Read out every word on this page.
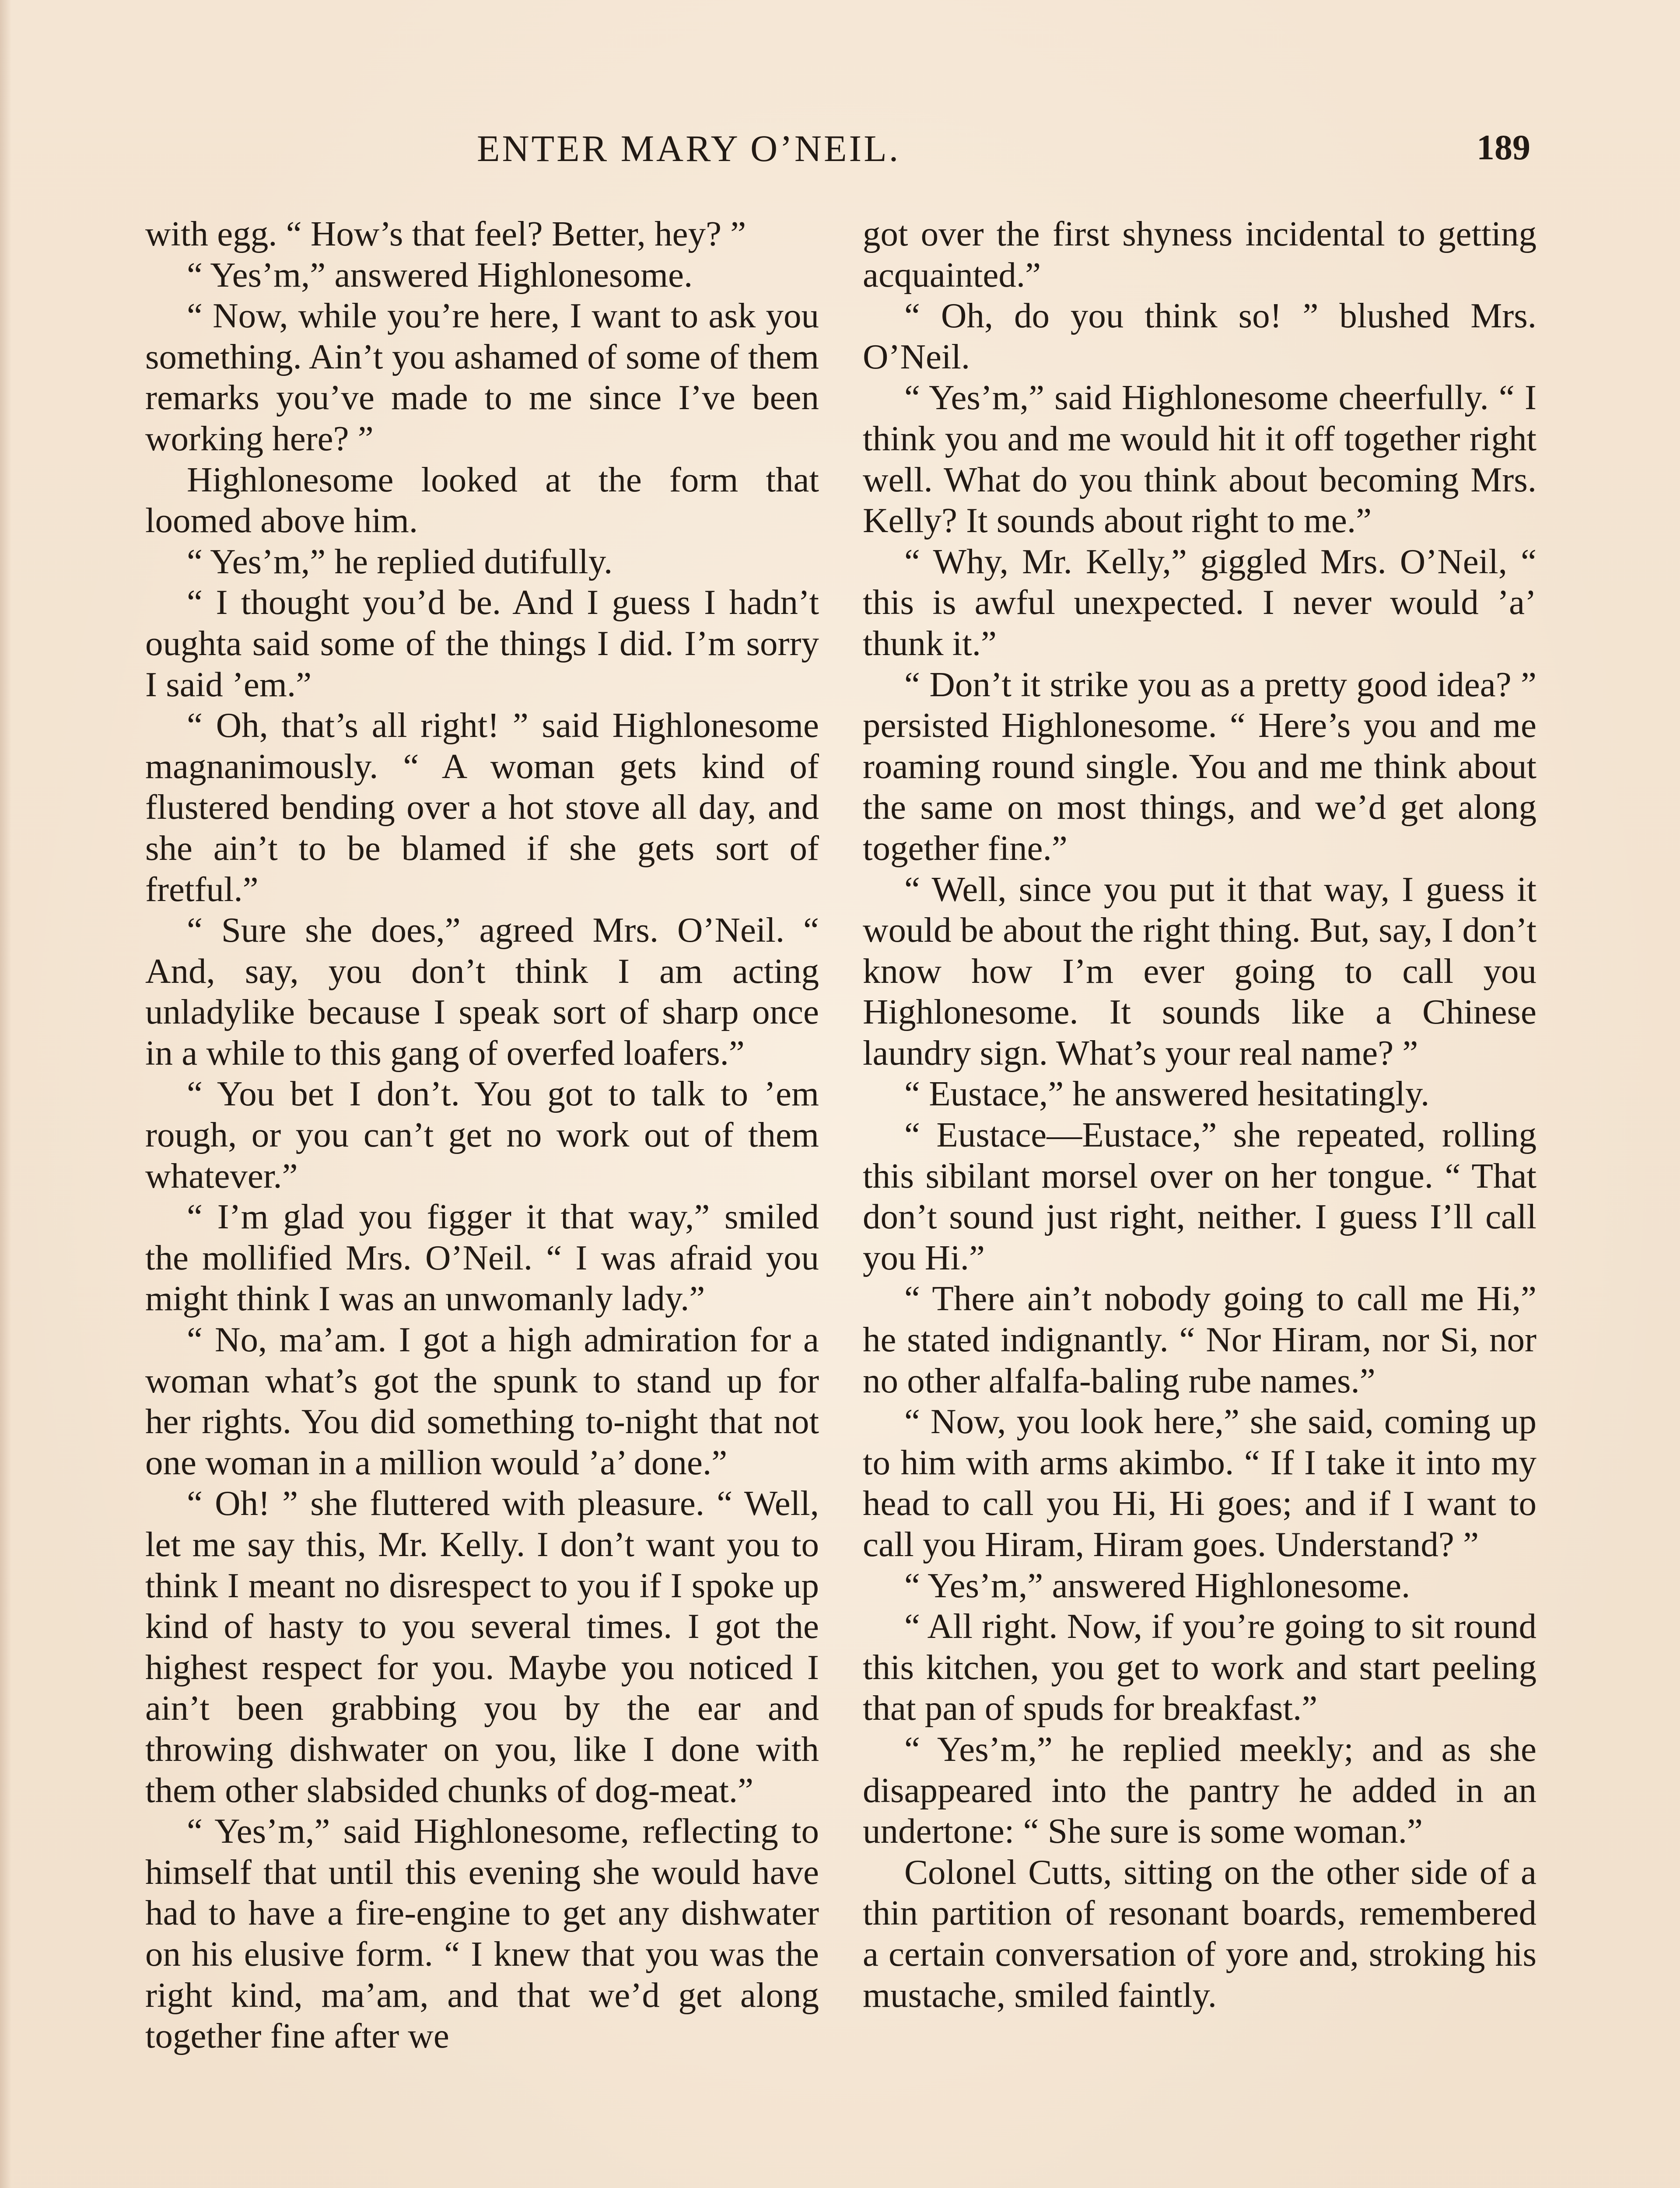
ENTER MARY O’NEIL.	189

with egg. “ How’s that feel? Better, hey? ”

“ Yes’m,” answered Highlonesome.

“ Now, while you’re here, I want to ask you something. Ain’t you ashamed of some of them remarks you’ve made to me since I’ve been working here? ”

Highlonesome looked at the form that loomed above him.

“ Yes’m,” he replied dutifully.

“ I thought you’d be. And I guess I hadn’t oughta said some of the things I did. I’m sorry I said ’em.”

“ Oh, that’s all right! ” said Highlonesome magnanimously. “ A woman gets kind of flustered bending over a hot stove all day, and she ain’t to be blamed if she gets sort of fretful.”

“ Sure she does,” agreed Mrs. O’Neil. “ And, say, you don’t think I am acting unladylike because I speak sort of sharp once in a while to this gang of overfed loafers.”

“ You bet I don’t. You got to talk to ’em rough, or you can’t get no work out of them whatever.”

“ I’m glad you figger it that way,” smiled the mollified Mrs. O’Neil. “ I was afraid you might think I was an unwomanly lady.”

“ No, ma’am. I got a high admiration for a woman what’s got the spunk to stand up for her rights. You did something to-night that not one woman in a million would ’a’ done.”

“ Oh! ” she fluttered with pleasure. “ Well, let me say this, Mr. Kelly. I don’t want you to think I meant no disrespect to you if I spoke up kind of hasty to you several times. I got the highest respect for you. Maybe you noticed I ain’t been grabbing you by the ear and throwing dishwater on you, like I done with them other slabsided chunks of dog-meat.”

“ Yes’m,” said Highlonesome, reflecting to himself that until this evening she would have had to have a fire-engine to get any dishwater on his elusive form. “ I knew that you was the right kind, ma’am, and that we’d get along together fine after we

got over the first shyness incidental to getting acquainted.”

“ Oh, do you think so! ” blushed Mrs. O’Neil.

“ Yes’m,” said Highlonesome cheerfully. “ I think you and me would hit it off together right well. What do you think about becoming Mrs. Kelly? It sounds about right to me.”

“ Why, Mr. Kelly,” giggled Mrs. O’Neil, “ this is awful unexpected. I never would ’a’ thunk it.”

“ Don’t it strike you as a pretty good idea? ” persisted Highlonesome. “ Here’s you and me roaming round single. You and me think about the same on most things, and we’d get along together fine.”

“ Well, since you put it that way, I guess it would be about the right thing. But, say, I don’t know how I’m ever going to call you Highlonesome. It sounds like a Chinese laundry sign. What’s your real name? ”

“ Eustace,” he answered hesitatingly.

“ Eustace—Eustace,” she repeated, rolling this sibilant morsel over on her tongue. “ That don’t sound just right, neither. I guess I’ll call you Hi.”

“ There ain’t nobody going to call me Hi,” he stated indignantly. “ Nor Hiram, nor Si, nor no other alfalfa-baling rube names.”

“ Now, you look here,” she said, coming up to him with arms akimbo. “ If I take it into my head to call you Hi, Hi goes; and if I want to call you Hiram, Hiram goes. Understand? ”

“ Yes’m,” answered Highlonesome.

“ All right. Now, if you’re going to sit round this kitchen, you get to work and start peeling that pan of spuds for breakfast.”

“ Yes’m,” he replied meekly; and as she disappeared into the pantry he added in an undertone: “ She sure is some woman.”

Colonel Cutts, sitting on the other side of a thin partition of resonant boards, remembered a certain conversation of yore and, stroking his mustache, smiled faintly.
